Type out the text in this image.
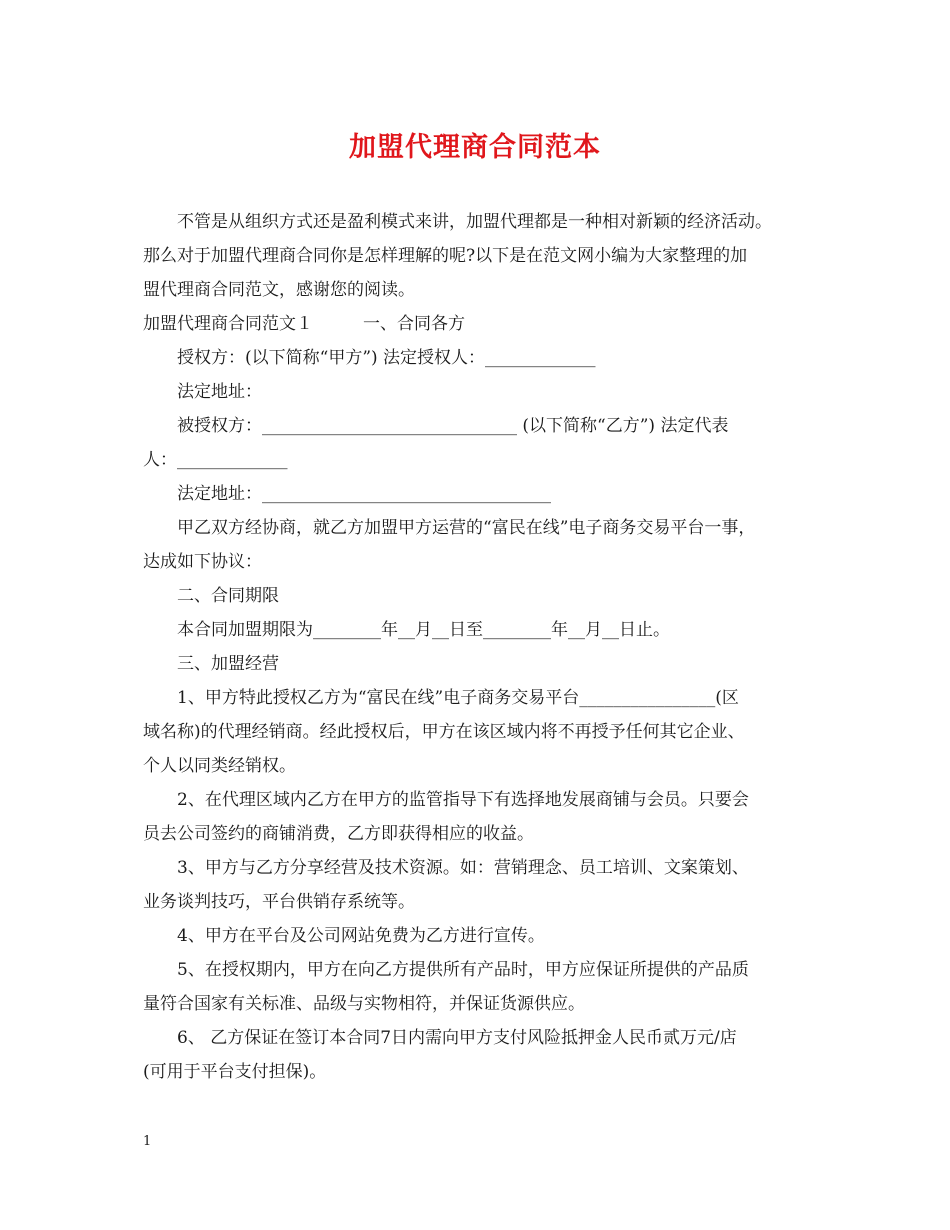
加盟代理商合同范本

不管是从组织方式还是盈利模式来讲，加盟代理都是一种相对新颖的经济活动。

那么对于加盟代理商合同你是怎样理解的呢?以下是在范文网小编为大家整理的加

盟代理商合同范文，感谢您的阅读。

加盟代理商合同范文１	一、合同各方

授权方：(以下简称“甲方”) 法定授权人：_____________

法定地址：

被授权方：______________________________ (以下简称“乙方”) 法定代表

人：_____________

法定地址：__________________________________

甲乙双方经协商，就乙方加盟甲方运营的“富民在线”电子商务交易平台一事，

达成如下协议：

二、合同期限

本合同加盟期限为________年__月__日至________年__月__日止。

三、加盟经营

1、甲方特此授权乙方为“富民在线”电子商务交易平台________________(区

域名称)的代理经销商。经此授权后，甲方在该区域内将不再授予任何其它企业、

个人以同类经销权。

2、在代理区域内乙方在甲方的监管指导下有选择地发展商铺与会员。只要会

员去公司签约的商铺消费，乙方即获得相应的收益。

3、甲方与乙方分享经营及技术资源。如：营销理念、员工培训、文案策划、

业务谈判技巧，平台供销存系统等。

4、甲方在平台及公司网站免费为乙方进行宣传。

5、在授权期内，甲方在向乙方提供所有产品时，甲方应保证所提供的产品质

量符合国家有关标准、品级与实物相符，并保证货源供应。

6、 乙方保证在签订本合同7日内需向甲方支付风险抵押金人民币贰万元/店

(可用于平台支付担保)。

1
